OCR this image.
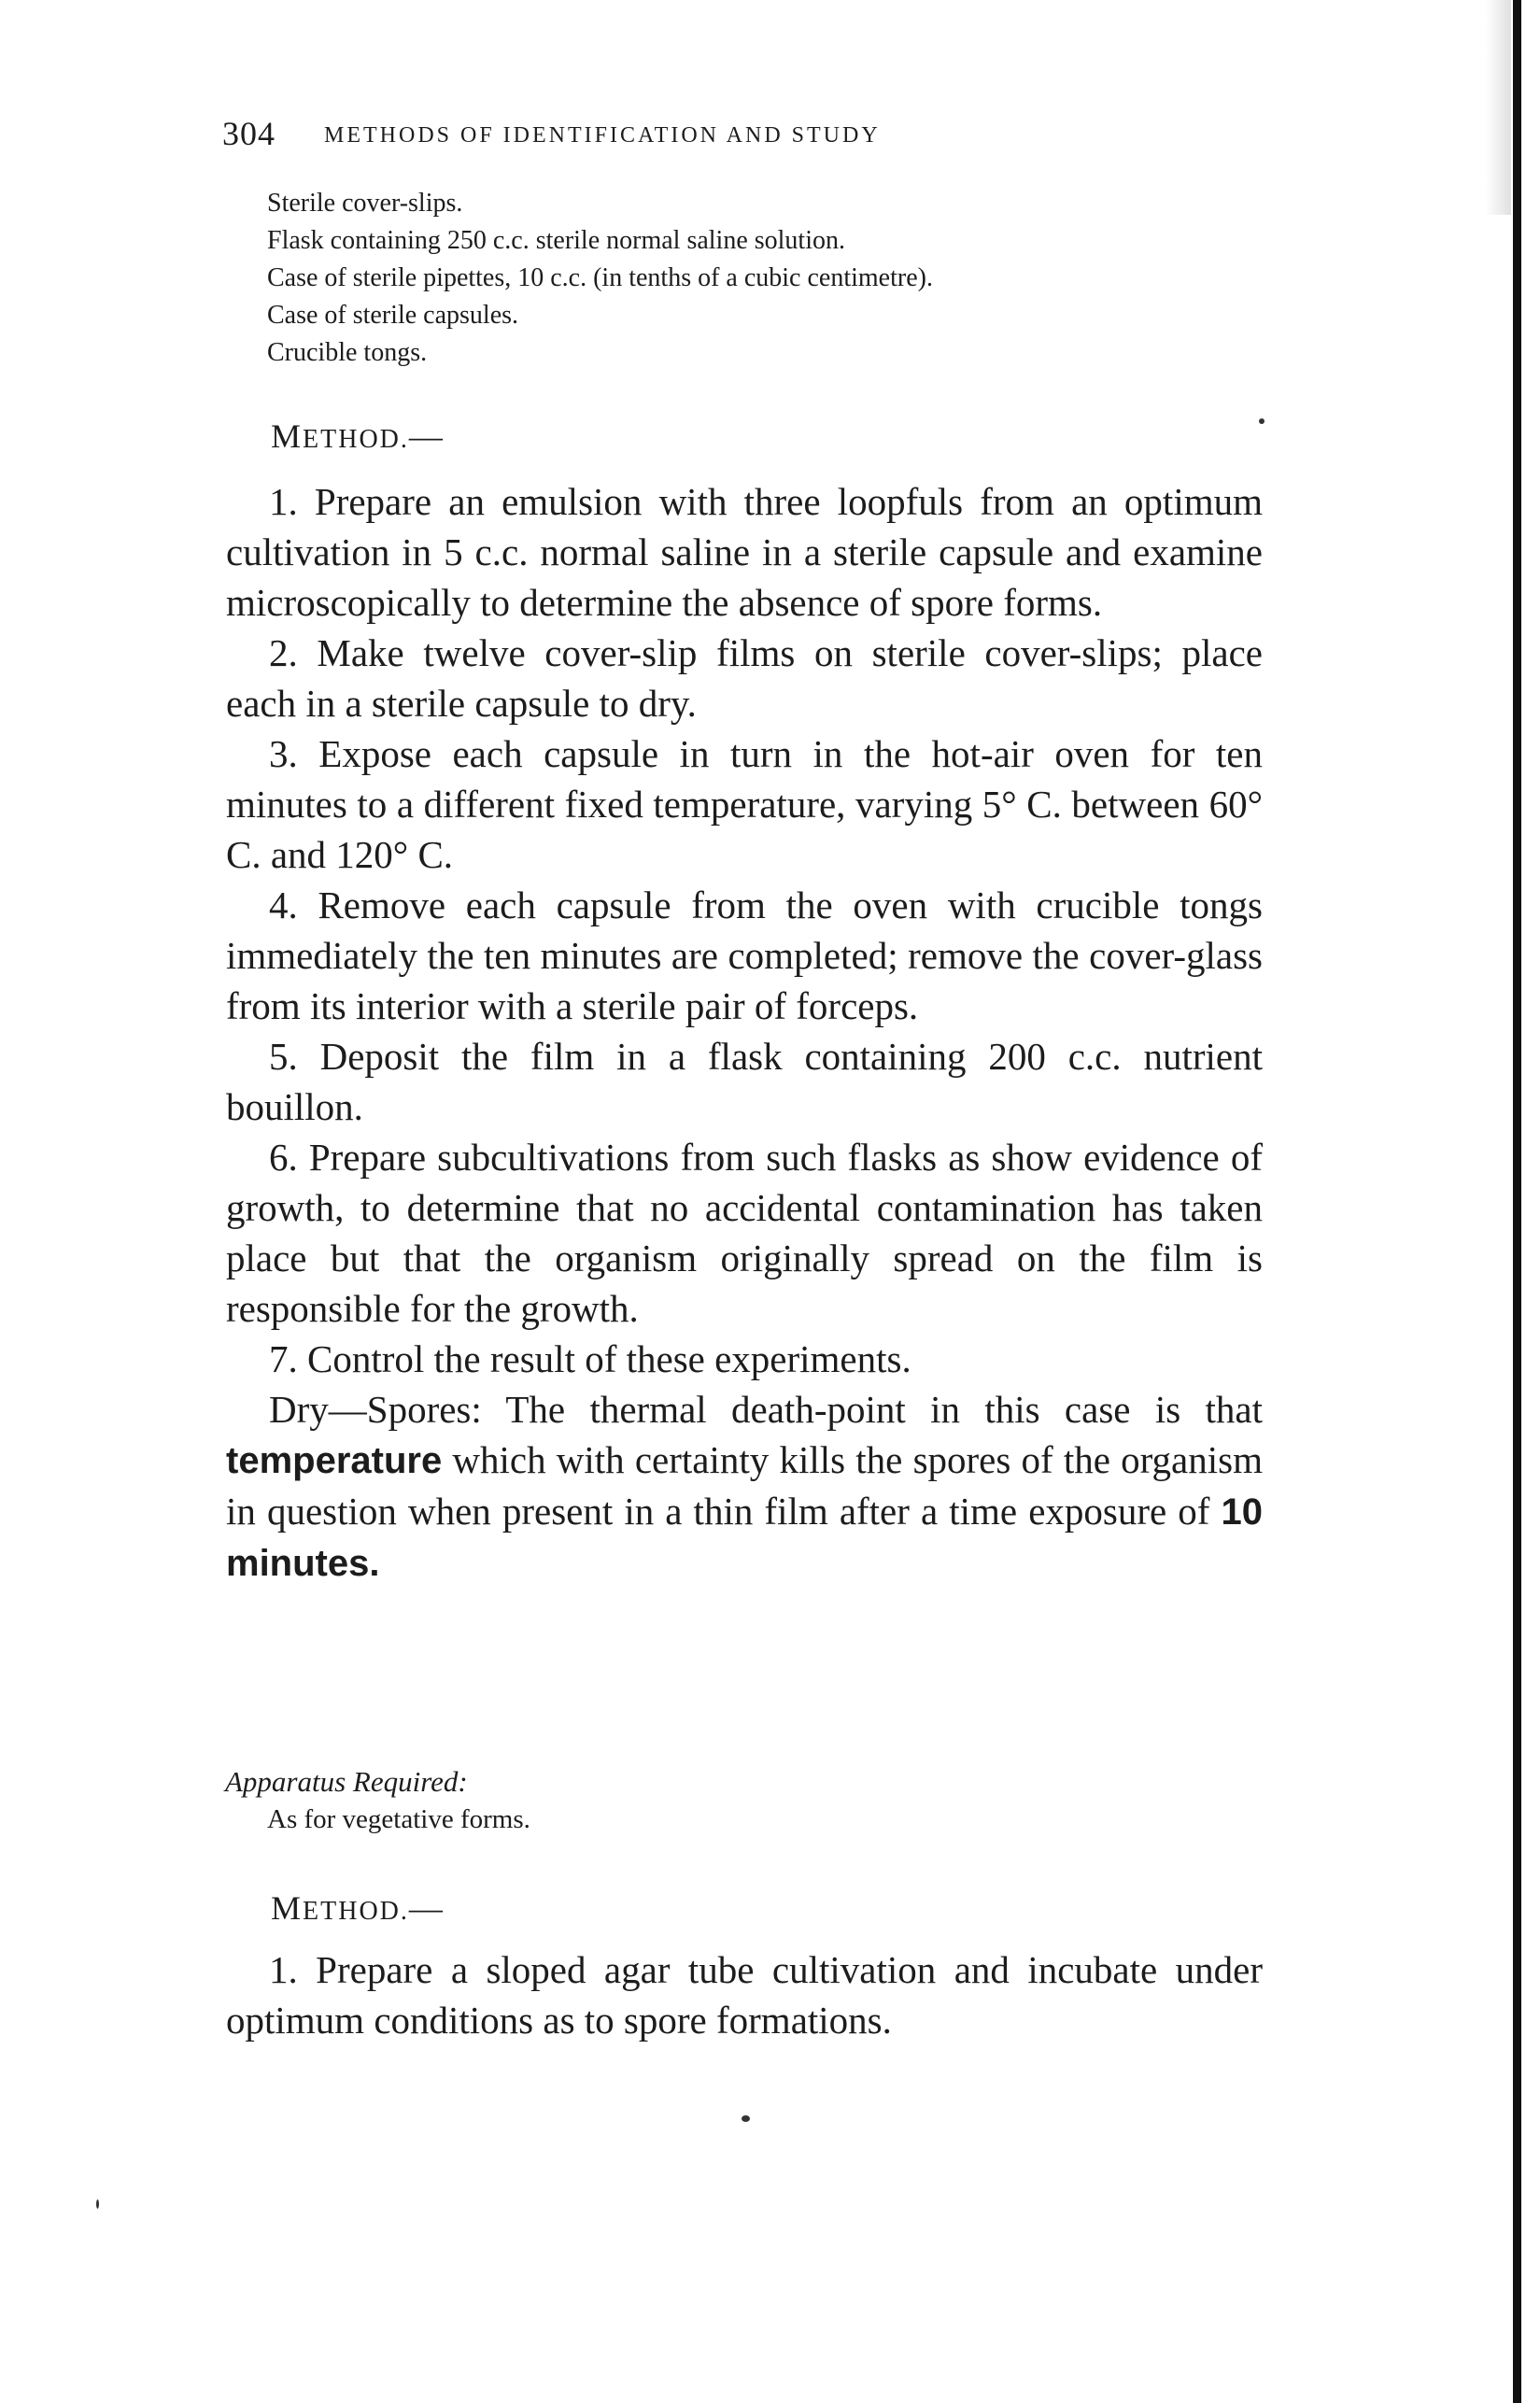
304 METHODS OF IDENTIFICATION AND STUDY
Sterile cover-slips.
Flask containing 250 c.c. sterile normal saline solution.
Case of sterile pipettes, 10 c.c. (in tenths of a cubic centimetre).
Case of sterile capsules.
Crucible tongs.
METHOD.—

1. Prepare an emulsion with three loopfuls from an optimum cultivation in 5 c.c. normal saline in a sterile capsule and examine microscopically to determine the absence of spore forms.

2. Make twelve cover-slip films on sterile cover-slips; place each in a sterile capsule to dry.

3. Expose each capsule in turn in the hot-air oven for ten minutes to a different fixed temperature, varying 5° C. between 60° C. and 120° C.

4. Remove each capsule from the oven with crucible tongs immediately the ten minutes are completed; remove the cover-glass from its interior with a sterile pair of forceps.

5. Deposit the film in a flask containing 200 c.c. nutrient bouillon.

6. Prepare subcultivations from such flasks as show evidence of growth, to determine that no accidental contamination has taken place but that the organism originally spread on the film is responsible for the growth.

7. Control the result of these experiments.

Dry—Spores: The thermal death-point in this case is that temperature which with certainty kills the spores of the organism in question when present in a thin film after a time exposure of 10 minutes.

Apparatus Required:
As for vegetative forms.
METHOD.—

1. Prepare a sloped agar tube cultivation and incubate under optimum conditions as to spore formations.
